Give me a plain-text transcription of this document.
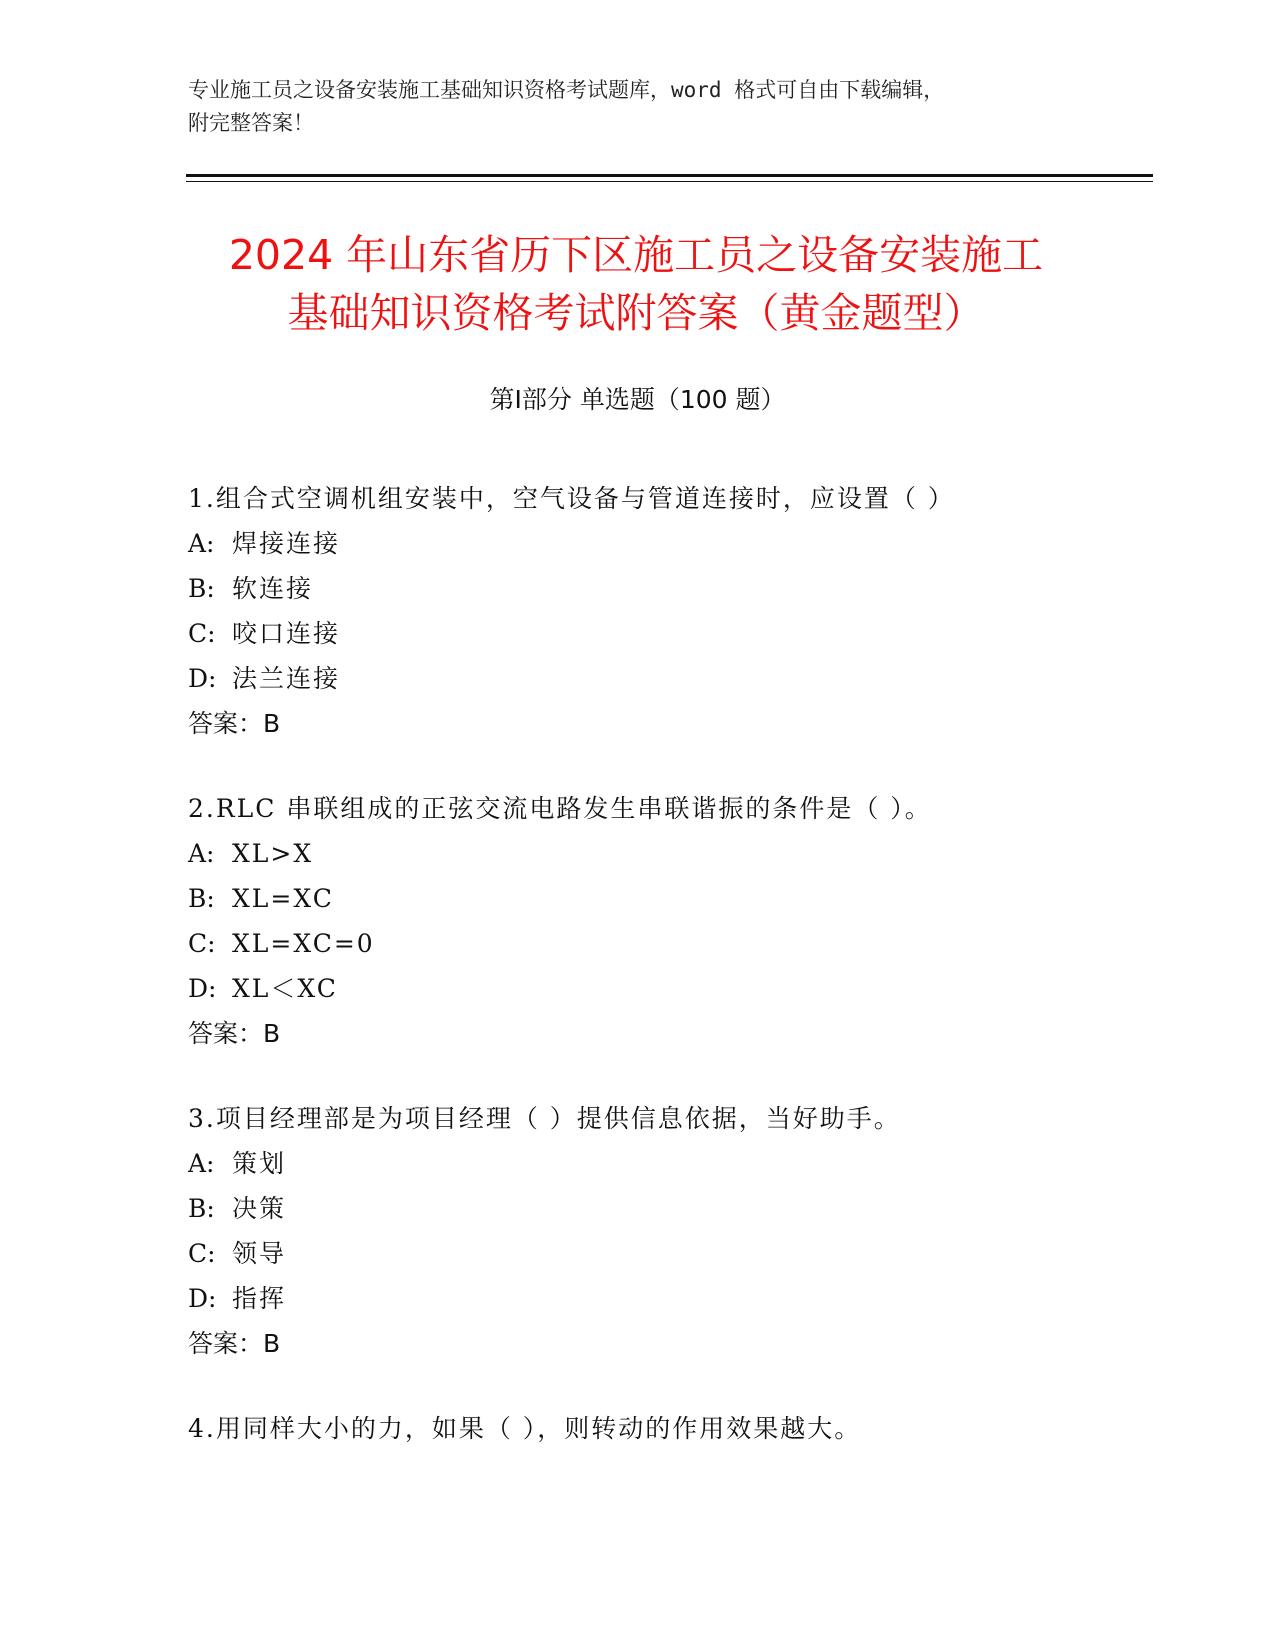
专业施工员之设备安装施工基础知识资格考试题库，word 格式可自由下载编辑，
附完整答案！
2024 年山东省历下区施工员之设备安装施工
基础知识资格考试附答案（黄金题型）
第Ⅰ部分 单选题（100 题）
1.组合式空调机组安装中，空气设备与管道连接时，应设置（ ）
A: 焊接连接
B: 软连接
C: 咬口连接
D: 法兰连接
答案：B
2.RLC 串联组成的正弦交流电路发生串联谐振的条件是（ ）。
A: XL>X
B: XL=XC
C: XL=XC=0
D: XL＜XC
答案：B
3.项目经理部是为项目经理（ ）提供信息依据，当好助手。
A: 策划
B: 决策
C: 领导
D: 指挥
答案：B
4.用同样大小的力，如果（ ），则转动的作用效果越大。
